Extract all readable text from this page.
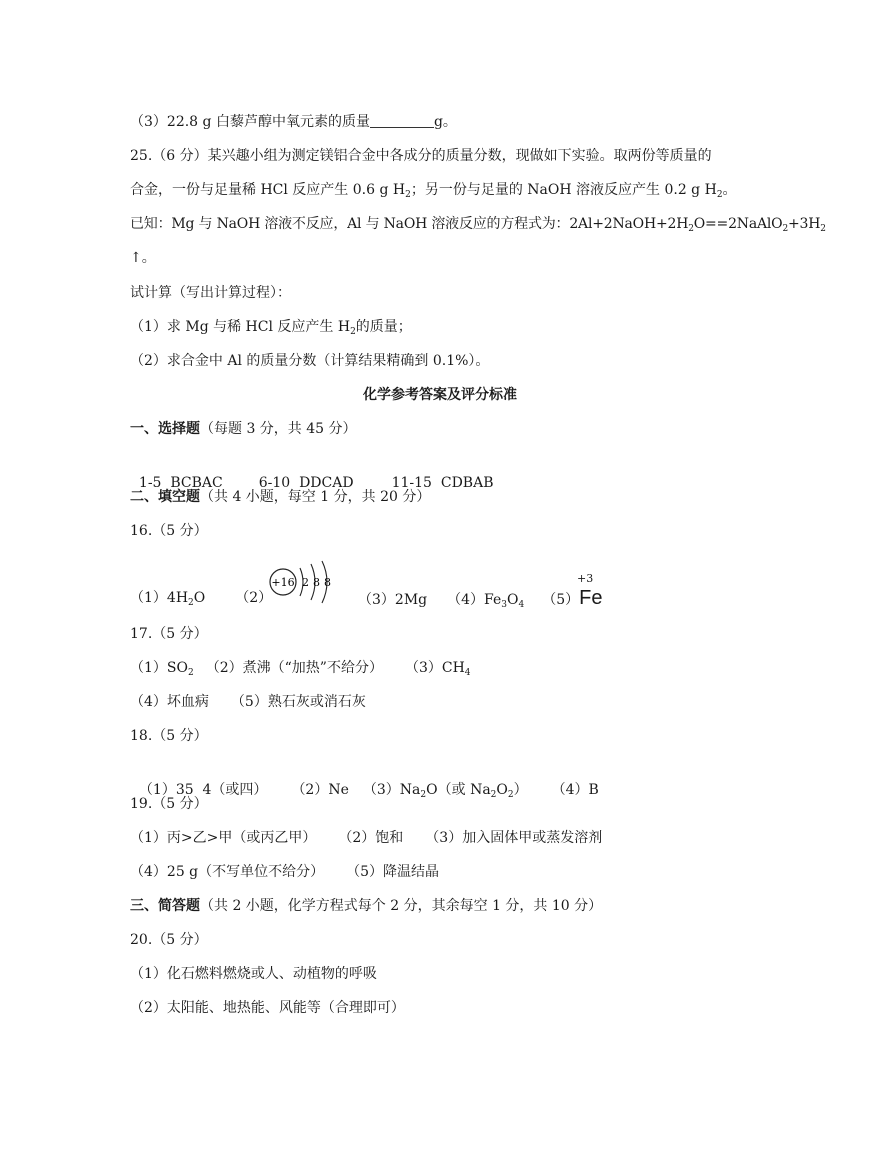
（3）22.8 g 白藜芦醇中氧元素的质量	g。
25.（6 分）某兴趣小组为测定镁铝合金中各成分的质量分数，现做如下实验。取两份等质量的
合金，一份与足量稀 HCl 反应产生 0.6 g $H_2$；另一份与足量的 NaOH 溶液反应产生 0.2 g $H_2$。
已知：Mg 与 NaOH 溶液不反应，Al 与 NaOH 溶液反应的方程式为：$2Al+2NaOH+2H_2O==2NaAlO_2+3H_2$
↑。
试计算（写出计算过程）：
（1）求 Mg 与稀 HCl 反应产生 $H_2$的质量；
（2）求合金中 Al 的质量分数（计算结果精确到 0.1%）。
化学参考答案及评分标准
一、选择题（每题 3 分，共 45 分）

1-5  BCBAC	6-10  DDCAD	11-15  CDBAB

二、填空题（共 4 小题，每空 1 分，共 20 分）
16.（5 分）
$(1)4H_2O$ （2）
+16 2 8 8
（3）2Mg $(4)Fe_3O_4$ （5）Fe
+3
17.（5 分）
$(1)SO_2$ （2）煮沸（“加热”不给分） $(3)CH_4$
（4）坏血病 （5）熟石灰或消石灰
18.（5 分）

（1）35  4（或四） （2）Ne $(3)Na_2O$（或 $Na_2O_2$） （4）B

19.（5 分）
（1）丙>乙>甲（或丙乙甲） （2）饱和 （3）加入固体甲或蒸发溶剂
（4）25 g（不写单位不给分） （5）降温结晶
三、简答题（共 2 小题，化学方程式每个 2 分，其余每空 1 分，共 10 分）
20.（5 分）
（1）化石燃料燃烧或人、动植物的呼吸
（2）太阳能、地热能、风能等（合理即可）
